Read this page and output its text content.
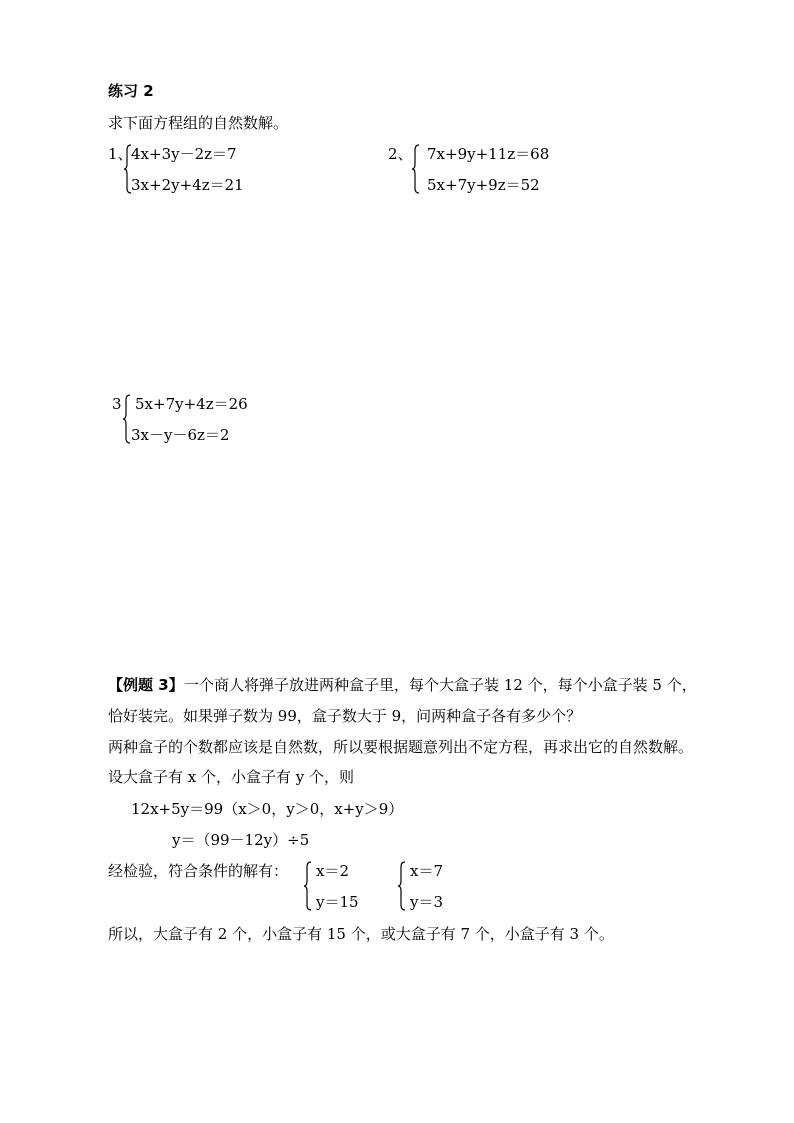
练习 2
求下面方程组的自然数解。
1、
4x+3y－2z＝7
3x+2y+4z＝21
2、 7x+9y+11z＝68
5x+7y+9z＝52
3 5x+7y+4z＝26
3x－y－6z＝2
【例题 3】 一个商人将弹子放进两种盒子里，每个大盒子装 12 个，每个小盒子装 5 个，
恰好装完。如果弹子数为 99，盒子数大于 9，问两种盒子各有多少个？
两种盒子的个数都应该是自然数，所以要根据题意列出不定方程，再求出它的自然数解。
设大盒子有 x 个，小盒子有 y 个，则
12x+5y＝99（x＞0，y＞0，x+y＞9）
y＝（99－12y）÷5
经检验，符合条件的解有： x＝2
y＝15
x＝7
y＝3
所以，大盒子有 2 个，小盒子有 15 个，或大盒子有 7 个，小盒子有 3 个。
